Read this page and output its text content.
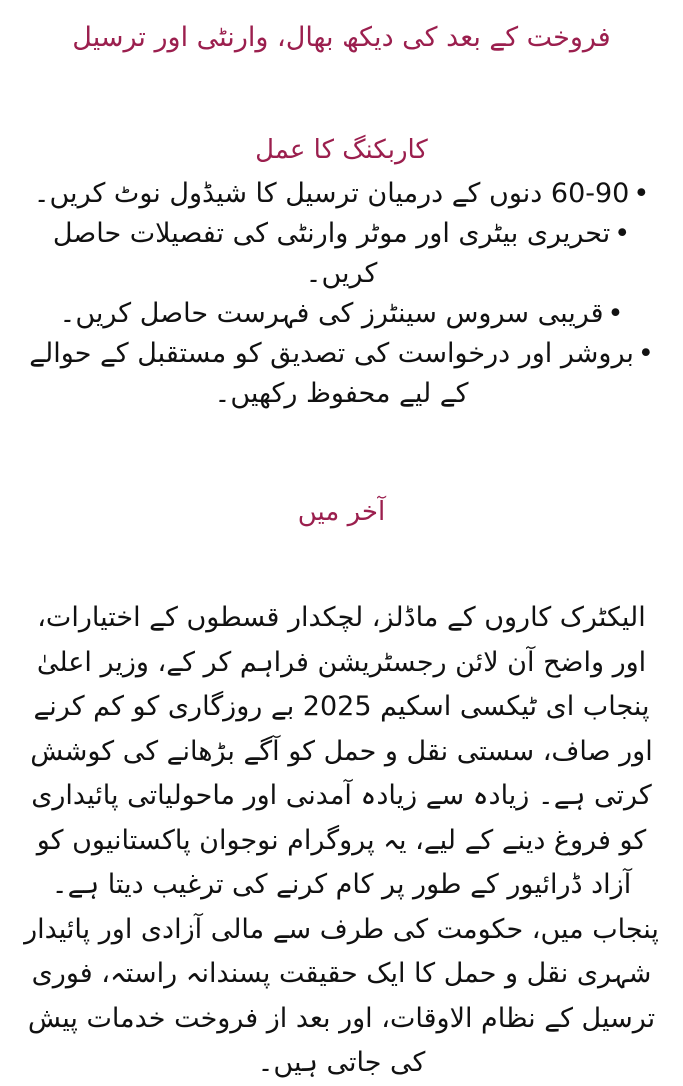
فروخت کے بعد کی دیکھ بھال، وارنٹی اور ترسیل
کاربکنگ کا عمل
•60-90 دنوں کے درمیان ترسیل کا شیڈول نوٹ کریں۔
•تحریری بیٹری اور موٹر وارنٹی کی تفصیلات حاصل کریں۔
•قریبی سروس سینٹرز کی فہرست حاصل کریں۔
•بروشر اور درخواست کی تصدیق کو مستقبل کے حوالے کے لیے محفوظ رکھیں۔
آخر میں

الیکٹرک کاروں کے ماڈلز، لچکدار قسطوں کے اختیارات، اور واضح آن لائن رجسٹریشن فراہم کر کے، وزیر اعلیٰ پنجاب ای ٹیکسی اسکیم 2025 بے روزگاری کو کم کرنے اور صاف، سستی نقل و حمل کو آگے بڑھانے کی کوشش کرتی ہے۔ زیادہ سے زیادہ آمدنی اور ماحولیاتی پائیداری کو فروغ دینے کے لیے، یہ پروگرام نوجوان پاکستانیوں کو آزاد ڈرائیور کے طور پر کام کرنے کی ترغیب دیتا ہے۔ پنجاب میں، حکومت کی طرف سے مالی آزادی اور پائیدار شہری نقل و حمل کا ایک حقیقت پسندانہ راستہ، فوری ترسیل کے نظام الاوقات، اور بعد از فروخت خدمات پیش کی جاتی ہیں۔
